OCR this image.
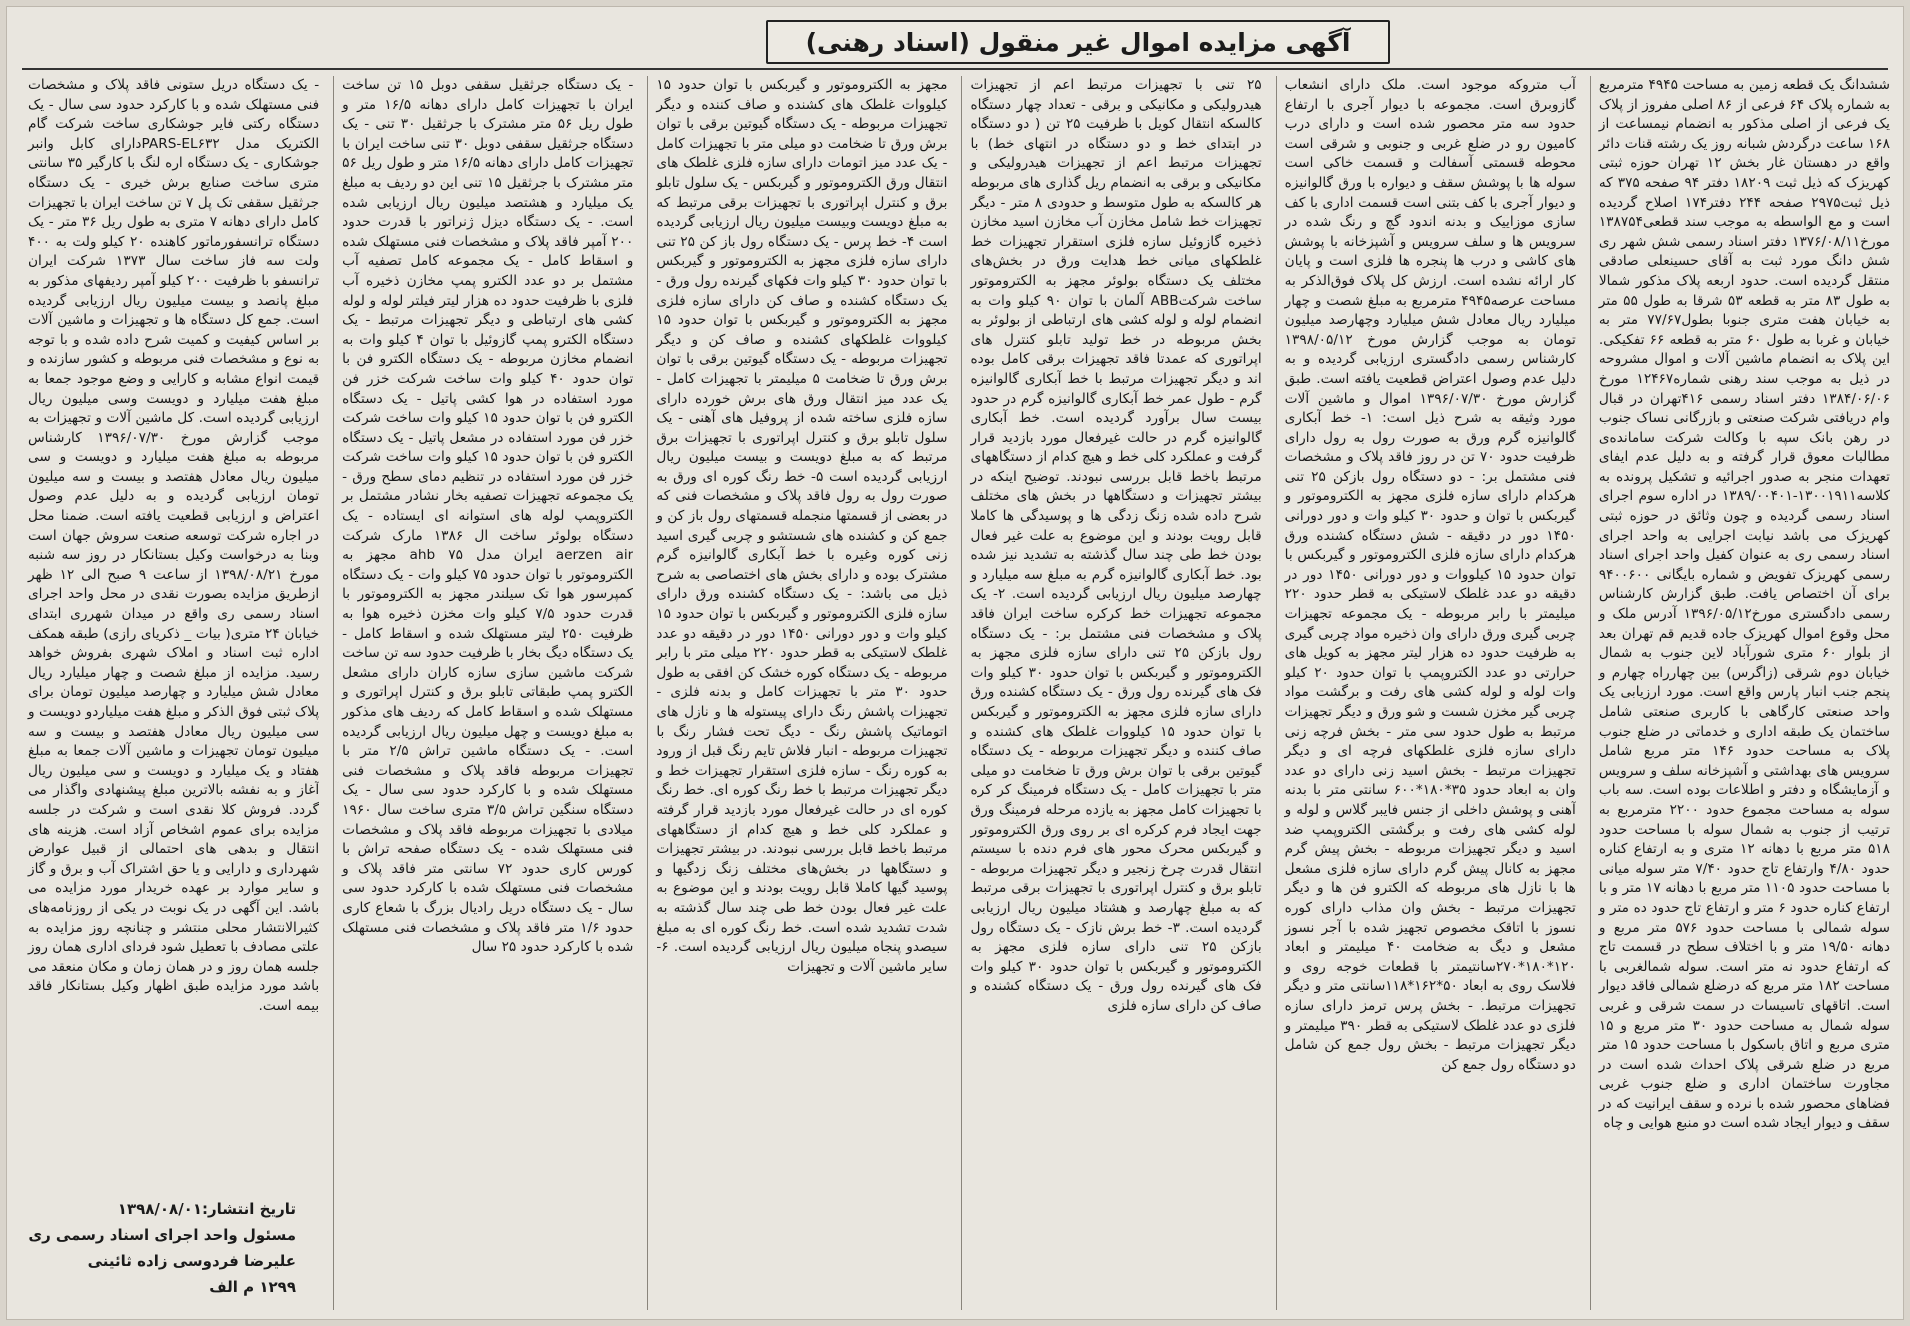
آگهی مزایده اموال غیر منقول (اسناد رهنی)

ششدانگ یک قطعه زمین به مساحت ۴۹۴۵ مترمربع به شماره پلاک ۶۴ فرعی از ۸۶ اصلی مفروز از پلاک یک فرعی از اصلی مذکور به انضمام نیمساعت از ۱۶۸ ساعت درگردش شبانه روز یک رشته قنات دائر واقع در دهستان غار بخش ۱۲ تهران حوزه ثبتی کهریزک که ذیل ثبت ۱۸۲۰۹ دفتر ۹۴ صفحه ۳۷۵ که ذیل ثبت۲۹۷۵ صفحه ۲۴۴ دفتر۱۷۴ اصلاح گردیده است و مع الواسطه به موجب سند قطعی۱۳۸۷۵۴ مورخ۱۳۷۶/۰۸/۱۱ دفتر اسناد رسمی شش شهر ری شش دانگ مورد ثبت به آقای حسینعلی صادقی منتقل گردیده است. حدود اربعه پلاک مذکور شمالا به طول ۸۳ متر به قطعه ۵۳ شرقا به طول ۵۵ متر به خیابان هفت متری جنوبا بطول۷۷/۶۷ متر به خیابان و غربا به طول ۶۰ متر به قطعه ۶۶ تفکیکی. این پلاک به انضمام ماشین آلات و اموال مشروحه در ذیل به موجب سند رهنی شماره۱۲۴۶۷ مورخ ۱۳۸۴/۰۶/۰۶ دفتر اسناد رسمی ۴۱۶تهران در قبال وام دریافتی شرکت صنعتی و بازرگانی نساک جنوب در رهن بانک سپه با وکالت شرکت سامانده‌ی مطالبات معوق قرار گرفته و به دلیل عدم ایفای تعهدات منجر به صدور اجرائیه و تشکیل پرونده به کلاسه۱۳۰۰۱۹۱۱-۱۳۸۹/۰۰۴۰۱ در اداره سوم اجرای اسناد رسمی گردیده و چون وثائق در حوزه ثبتی کهریزک می باشد نیابت اجرایی به واحد اجرای اسناد رسمی ری به عنوان کفیل واحد اجرای اسناد رسمی کهریزک تفویض و شماره بایگانی ۹۴۰۰۶۰۰ برای آن اختصاص یافت. طبق گزارش کارشناس رسمی دادگستری مورخ۱۳۹۶/۰۵/۱۲ آدرس ملک و محل وقوع اموال کهریزک جاده قدیم قم تهران بعد از بلوار ۶۰ متری شورآباد لاین جنوب به شمال خیابان دوم شرقی (زاگرس) بین چهارراه چهارم و پنجم جنب انبار پارس واقع است. مورد ارزیابی یک واحد صنعتی کارگاهی با کاربری صنعتی شامل ساختمان یک طبقه اداری و خدماتی در ضلع جنوب پلاک به مساحت حدود ۱۴۶ متر مربع شامل سرویس های بهداشتی و آشپزخانه سلف و سرویس و آزمایشگاه و دفتر و اطلاعات بوده است. سه باب سوله به مساحت مجموع حدود ۲۲۰۰ مترمربع به ترتیب از جنوب به شمال سوله با مساحت حدود ۵۱۸ متر مربع با دهانه ۱۲ متری و به ارتفاع کناره حدود ۴/۸۰ وارتفاع تاج حدود ۷/۴۰ متر سوله میانی با مساحت حدود ۱۱۰۵ متر مربع با دهانه ۱۷ متر و با ارتفاع کناره حدود ۶ متر و ارتفاع تاج حدود ده متر و سوله شمالی با مساحت حدود ۵۷۶ متر مربع و دهانه ۱۹/۵۰ متر و با اختلاف سطح در قسمت تاج که ارتفاع حدود نه متر است. سوله شمالغربی با مساحت ۱۸۲ متر مربع که درضلع شمالی فاقد دیوار است. اتاقهای تاسیسات در سمت شرقی و غربی سوله شمال به مساحت حدود ۳۰ متر مربع و ۱۵ متری مربع و اتاق باسکول با مساحت حدود ۱۵ متر مربع در ضلع شرقی پلاک احداث شده است در مجاورت ساختمان اداری و ضلع جنوب غربی فضاهای محصور شده با نرده و سقف ایرانیت که در سقف و دیوار ایجاد شده است دو منبع هوایی و چاه

آب متروکه موجود است. ملک دارای انشعاب گازوبرق است. مجموعه با دیوار آجری با ارتفاع حدود سه متر محصور شده است و دارای درب کامیون رو در ضلع غربی و جنوبی و شرقی است محوطه قسمتی آسفالت و قسمت خاکی است سوله ها با پوشش سقف و دیواره با ورق گالوانیزه و دیوار آجری با کف بتنی است قسمت اداری با کف سازی موزاییک و بدنه اندود گچ و رنگ شده در سرویس ها و سلف سرویس و آشپزخانه با پوشش های کاشی و درب ها پنجره ها فلزی است و پایان کار ارائه نشده است. ارزش کل پلاک فوق‌الذکر به مساحت عرصه۴۹۴۵ مترمربع به مبلغ شصت و چهار میلیارد ریال معادل شش میلیارد وچهارصد میلیون تومان به موجب گزارش مورخ ۱۳۹۸/۰۵/۱۲ کارشناس رسمی دادگستری ارزیابی گردیده و به دلیل عدم وصول اعتراض قطعیت یافته است. طبق گزارش مورخ ۱۳۹۶/۰۷/۳۰ اموال و ماشین آلات مورد وثیقه به شرح ذیل است: ۱- خط آبکاری گالوانیزه گرم ورق به صورت رول به رول دارای ظرفیت حدود ۷۰ تن در روز فاقد پلاک و مشخصات فنی مشتمل بر: - دو دستگاه رول بازکن ۲۵ تنی هرکدام دارای سازه فلزی مجهز به الکتروموتور و گیربکس با توان و حدود ۳۰ کیلو وات و دور دورانی ۱۴۵۰ دور در دقیقه - شش دستگاه کشنده ورق هرکدام دارای سازه فلزی الکتروموتور و گیربکس با توان حدود ۱۵ کیلووات و دور دورانی ۱۴۵۰ دور در دقیقه دو عدد غلطک لاستیکی به قطر حدود ۲۲۰ میلیمتر با رابر مربوطه - یک مجموعه تجهیزات چربی گیری ورق دارای وان ذخیره مواد چربی گیری به ظرفیت حدود ده هزار لیتر مجهز به کویل های حرارتی دو عدد الکتروپمپ با توان حدود ۲۰ کیلو وات لوله و لوله کشی های رفت و برگشت مواد چربی گیر مخزن شست و شو ورق و دیگر تجهیزات مرتبط به طول حدود سی متر - بخش فرچه زنی دارای سازه فلزی غلطکهای فرچه ای و دیگر تجهیزات مرتبط - بخش اسید زنی دارای دو عدد وان به ابعاد حدود ۳۵*۱۸۰*۶۰۰ سانتی متر با بدنه آهنی و پوشش داخلی از جنس فایبر گلاس و لوله و لوله کشی های رفت و برگشتی الکتروپمپ ضد اسید و دیگر تجهیزات مربوطه - بخش پیش گرم مجهز به کانال پیش گرم دارای سازه فلزی مشعل ها با نازل های مربوطه که الکترو فن ها و دیگر تجهیزات مرتبط - بخش وان مذاب دارای کوره نسوز با اتاقک مخصوص تجهیز شده با آجر نسوز مشعل و دیگ به ضخامت ۴۰ میلیمتر و ابعاد ۱۲۰*۱۸۰*۲۷۰سانتیمتر با قطعات خوجه روی و فلاسک روی به ابعاد ۵۰*۱۶۲*۱۱۸سانتی متر و دیگر تجهیزات مرتبط. - بخش پرس ترمز دارای سازه فلزی دو عدد غلطک لاستیکی به قطر ۳۹۰ میلیمتر و دیگر تجهیزات مرتبط - بخش رول جمع کن شامل دو دستگاه رول جمع کن

۲۵ تنی با تجهیزات مرتبط اعم از تجهیزات هیدرولیکی و مکانیکی و برقی - تعداد چهار دستگاه کالسکه انتقال کویل با ظرفیت ۲۵ تن ( دو دستگاه در ابتدای خط و دو دستگاه در انتهای خط) با تجهیزات مرتبط اعم از تجهیزات هیدرولیکی و مکانیکی و برقی به انضمام ریل گذاری های مربوطه هر کالسکه به طول متوسط و حدودی ۸ متر - دیگر تجهیزات خط شامل مخازن آب مخازن اسید مخازن ذخیره گازوئیل سازه فلزی استقرار تجهیزات خط غلطکهای میانی خط هدایت ورق در بخش‌های مختلف یک دستگاه بولوئر مجهز به الکتروموتور ساخت شرکتABB آلمان با توان ۹۰ کیلو وات به انضمام لوله و لوله کشی های ارتباطی از بولوئر به بخش مربوطه در خط تولید تابلو کنترل های اپراتوری که عمدتا فاقد تجهیزات برقی کامل بوده اند و دیگر تجهیزات مرتبط با خط آبکاری گالوانیزه گرم - طول عمر خط آبکاری گالوانیزه گرم در حدود بیست سال برآورد گردیده است. خط آبکاری گالوانیزه گرم در حالت غیرفعال مورد بازدید قرار گرفت و عملکرد کلی خط و هیچ کدام از دستگاههای مرتبط باخط قابل بررسی نبودند. توضیح اینکه در بیشتر تجهیزات و دستگاهها در بخش های مختلف شرح داده شده زنگ زدگی ها و پوسیدگی ها کاملا قابل رویت بودند و این موضوع به علت غیر فعال بودن خط طی چند سال گذشته به تشدید نیز شده بود. خط آبکاری گالوانیزه گرم به مبلغ سه میلیارد و چهارصد میلیون ریال ارزیابی گردیده است. ۲- یک مجموعه تجهیزات خط کرکره ساخت ایران فاقد پلاک و مشخصات فنی مشتمل بر: - یک دستگاه رول بازکن ۲۵ تنی دارای سازه فلزی مجهز به الکتروموتور و گیربکس با توان حدود ۳۰ کیلو وات فک های گیرنده رول ورق - یک دستگاه کشنده ورق دارای سازه فلزی مجهز به الکتروموتور و گیربکس با توان حدود ۱۵ کیلووات غلطک های کشنده و صاف کننده و دیگر تجهیزات مربوطه - یک دستگاه گیوتین برقی با توان برش ورق تا ضخامت دو میلی متر با تجهیزات کامل - یک دستگاه فرمینگ کر کره با تجهیزات کامل مجهز به یازده مرحله فرمینگ ورق جهت ایجاد فرم کرکره ای بر روی ورق الکتروموتور و گیربکس محرک محور های فرم دنده با سیستم انتقال قدرت چرخ زنجیر و دیگر تجهیزات مربوطه - تابلو برق و کنترل اپراتوری با تجهیزات برقی مرتبط که به مبلغ چهارصد و هشتاد میلیون ریال ارزیابی گردیده است. ۳- خط برش نازک - یک دستگاه رول بازکن ۲۵ تنی دارای سازه فلزی مجهز به الکتروموتور و گیربکس با توان حدود ۳۰ کیلو وات فک های گیرنده رول ورق - یک دستگاه کشنده و صاف کن دارای سازه فلزی

مجهز به الکتروموتور و گیربکس با توان حدود ۱۵ کیلووات غلطک های کشنده و صاف کننده و دیگر تجهیزات مربوطه - یک دستگاه گیوتین برقی با توان برش ورق تا ضخامت دو میلی متر با تجهیزات کامل - یک عدد میز اتومات دارای سازه فلزی غلطک های انتقال ورق الکتروموتور و گیربکس - یک سلول تابلو برق و کنترل اپراتوری با تجهیزات برقی مرتبط که به مبلغ دویست وبیست میلیون ریال ارزیابی گردیده است ۴- خط پرس - یک دستگاه رول باز کن ۲۵ تنی دارای سازه فلزی مجهز به الکتروموتور و گیربکس با توان حدود ۳۰ کیلو وات فکهای گیرنده رول ورق - یک دستگاه کشنده و صاف کن دارای سازه فلزی مجهز به الکتروموتور و گیربکس با توان حدود ۱۵ کیلووات غلطکهای کشنده و صاف کن و دیگر تجهیزات مربوطه - یک دستگاه گیوتین برقی با توان برش ورق تا ضخامت ۵ میلیمتر با تجهیزات کامل - یک عدد میز انتقال ورق های برش خورده دارای سازه فلزی ساخته شده از پروفیل های آهنی - یک سلول تابلو برق و کنترل اپراتوری با تجهیزات برق مرتبط که به مبلغ دویست و بیست میلیون ریال ارزیابی گردیده است ۵- خط رنگ کوره ای ورق به صورت رول به رول فاقد پلاک و مشخصات فنی که در بعضی از قسمتها منجمله قسمتهای رول باز کن و جمع کن و کشنده های شستشو و چربی گیری اسید زنی کوره وغیره با خط آبکاری گالوانیزه گرم مشترک بوده و دارای بخش های اختصاصی به شرح ذیل می باشد: - یک دستگاه کشنده ورق دارای سازه فلزی الکتروموتور و گیربکس با توان حدود ۱۵ کیلو وات و دور دورانی ۱۴۵۰ دور در دقیقه دو عدد غلطک لاستیکی به قطر حدود ۲۲۰ میلی متر با رابر مربوطه - یک دستگاه کوره خشک کن افقی به طول حدود ۳۰ متر با تجهیزات کامل و بدنه فلزی - تجهیزات پاشش رنگ دارای پیستوله ها و نازل های اتوماتیک پاشش رنگ - دیگ تحت فشار رنگ با تجهیزات مربوطه - انبار فلاش تایم رنگ قبل از ورود به کوره رنگ - سازه فلزی استقرار تجهیزات خط و دیگر تجهیزات مرتبط با خط رنگ کوره ای. خط رنگ کوره ای در حالت غیرفعال مورد بازدید قرار گرفته و عملکرد کلی خط و هیچ کدام از دستگاههای مرتبط باخط قابل بررسی نبودند. در بیشتر تجهیزات و دستگاهها در بخش‌های مختلف زنگ زدگیها و پوسید گیها کاملا قابل رویت بودند و این موضوع به علت غیر فعال بودن خط طی چند سال گذشته به شدت تشدید شده است. خط رنگ کوره ای به مبلغ سیصدو پنجاه میلیون ریال ارزیابی گردیده است. ۶- سایر ماشین آلات و تجهیزات

- یک دستگاه جرثقیل سقفی دوبل ۱۵ تن ساخت ایران با تجهیزات کامل دارای دهانه ۱۶/۵ متر و طول ریل ۵۶ متر مشترک با جرثقیل ۳۰ تنی - یک دستگاه جرثقیل سقفی دوبل ۳۰ تنی ساخت ایران با تجهیزات کامل دارای دهانه ۱۶/۵ متر و طول ریل ۵۶ متر مشترک با جرثقیل ۱۵ تنی این دو ردیف به مبلغ یک میلیارد و هشتصد میلیون ریال ارزیابی شده است. - یک دستگاه دیزل ژنراتور با قدرت حدود ۲۰۰ آمپر فاقد پلاک و مشخصات فنی مستهلک شده و اسقاط کامل - یک مجموعه کامل تصفیه آب مشتمل بر دو عدد الکترو پمپ مخازن ذخیره آب فلزی با ظرفیت حدود ده هزار لیتر فیلتر لوله و لوله کشی های ارتباطی و دیگر تجهیزات مرتبط - یک دستگاه الکترو پمپ گازوئیل با توان ۴ کیلو وات به انضمام مخازن مربوطه - یک دستگاه الکترو فن با توان حدود ۴۰ کیلو وات ساخت شرکت خزر فن مورد استفاده در هوا کشی پاتیل - یک دستگاه الکترو فن با توان حدود ۱۵ کیلو وات ساخت شرکت خزر فن مورد استفاده در مشعل پاتیل - یک دستگاه الکترو فن با توان حدود ۱۵ کیلو وات ساخت شرکت خزر فن مورد استفاده در تنظیم دمای سطح ورق - یک مجموعه تجهیزات تصفیه بخار نشادر مشتمل بر الکتروپمپ لوله های استوانه ای ایستاده - یک دستگاه بولوئر ساخت ال ۱۳۸۶ مارک شرکت aerzen air ایران مدل ۷۵ ahb مجهز به الکتروموتور با توان حدود ۷۵ کیلو وات - یک دستگاه کمپرسور هوا تک سیلندر مجهز به الکتروموتور با قدرت حدود ۷/۵ کیلو وات مخزن ذخیره هوا به ظرفیت ۲۵۰ لیتر مستهلک شده و اسقاط کامل - یک دستگاه دیگ بخار با ظرفیت حدود سه تن ساخت شرکت ماشین سازی سازه کاران دارای مشعل الکترو پمپ طبقاتی تابلو برق و کنترل اپراتوری و مستهلک شده و اسقاط کامل که ردیف های مذکور به مبلغ دویست و چهل میلیون ریال ارزیابی گردیده است. - یک دستگاه ماشین تراش ۲/۵ متر با تجهیزات مربوطه فاقد پلاک و مشخصات فنی مستهلک شده و با کارکرد حدود سی سال - یک دستگاه سنگین تراش ۳/۵ متری ساخت سال ۱۹۶۰ میلادی با تجهیزات مربوطه فاقد پلاک و مشخصات فنی مستهلک شده - یک دستگاه صفحه تراش با کورس کاری حدود ۷۲ سانتی متر فاقد پلاک و مشخصات فنی مستهلک شده با کارکرد حدود سی سال - یک دستگاه دریل رادیال بزرگ با شعاع کاری حدود ۱/۶ متر فاقد پلاک و مشخصات فنی مستهلک شده با کارکرد حدود ۲۵ سال

- یک دستگاه دریل ستونی فاقد پلاک و مشخصات فنی مستهلک شده و با کارکرد حدود سی سال - یک دستگاه رکتی فایر جوشکاری ساخت شرکت گام الکتریک مدل PARS-EL۶۳۲دارای کابل وانبر جوشکاری - یک دستگاه اره لنگ با کارگیر ۳۵ سانتی متری ساخت صنایع برش خیری - یک دستگاه جرثقیل سقفی تک پل ۷ تن ساخت ایران با تجهیزات کامل دارای دهانه ۷ متری به طول ریل ۳۶ متر - یک دستگاه ترانسفورماتور کاهنده ۲۰ کیلو ولت به ۴۰۰ ولت سه فاز ساخت سال ۱۳۷۳ شرکت ایران ترانسفو با ظرفیت ۲۰۰ کیلو آمپر ردیفهای مذکور به مبلغ پانصد و بیست میلیون ریال ارزیابی گردیده است. جمع کل دستگاه ها و تجهیزات و ماشین آلات بر اساس کیفیت و کمیت شرح داده شده و با توجه به نوع و مشخصات فنی مربوطه و کشور سازنده و قیمت انواع مشابه و کارایی و وضع موجود جمعا به مبلغ هفت میلیارد و دویست وسی میلیون ریال ارزیابی گردیده است. کل ماشین آلات و تجهیزات به موجب گزارش مورخ ۱۳۹۶/۰۷/۳۰ کارشناس مربوطه به مبلغ هفت میلیارد و دویست و سی میلیون ریال معادل هفتصد و بیست و سه میلیون تومان ارزیابی گردیده و به دلیل عدم وصول اعتراض و ارزیابی قطعیت یافته است. ضمنا محل در اجاره شرکت توسعه صنعت سروش جهان است وبنا به درخواست وکیل بستانکار در روز سه شنبه مورخ ۱۳۹۸/۰۸/۲۱ از ساعت ۹ صبح الی ۱۲ ظهر ازطریق مزایده بصورت نقدی در محل واحد اجرای اسناد رسمی ری واقع در میدان شهرری ابتدای خیابان ۲۴ متری( بیات _ ذکریای رازی) طبقه همکف اداره ثبت اسناد و املاک شهری بفروش خواهد رسید. مزایده از مبلغ شصت و چهار میلیارد ریال معادل شش میلیارد و چهارصد میلیون تومان برای پلاک ثبتی فوق الذکر و مبلغ هفت میلیاردو دویست و سی میلیون ریال معادل هفتصد و بیست و سه میلیون تومان تجهیزات و ماشین آلات جمعا به مبلغ هفتاد و یک میلیارد و دویست و سی میلیون ریال آغاز و به نفشه بالاترین مبلغ پیشنهادی واگذار می گردد. فروش کلا نقدی است و شرکت در جلسه مزایده برای عموم اشخاص آزاد است. هزینه های انتقال و بدهی های احتمالی از قبیل عوارض شهرداری و دارایی و یا حق اشتراک آب و برق و گاز و سایر موارد بر عهده خریدار مورد مزایده می باشد. این آگهی در یک نوبت در یکی از روزنامه‌های کثیرالانتشار محلی منتشر و چنانچه روز مزایده به علتی مصادف با تعطیل شود فردای اداری همان روز جلسه همان روز و در همان زمان و مکان منعقد می باشد مورد مزایده طبق اظهار وکیل بستانکار فاقد بیمه است.

تاریخ انتشار:۱۳۹۸/۰۸/۰۱
مسئول واحد اجرای اسناد رسمی ری
علیرضا فردوسی زاده ثائینی
۱۲۹۹ م الف
